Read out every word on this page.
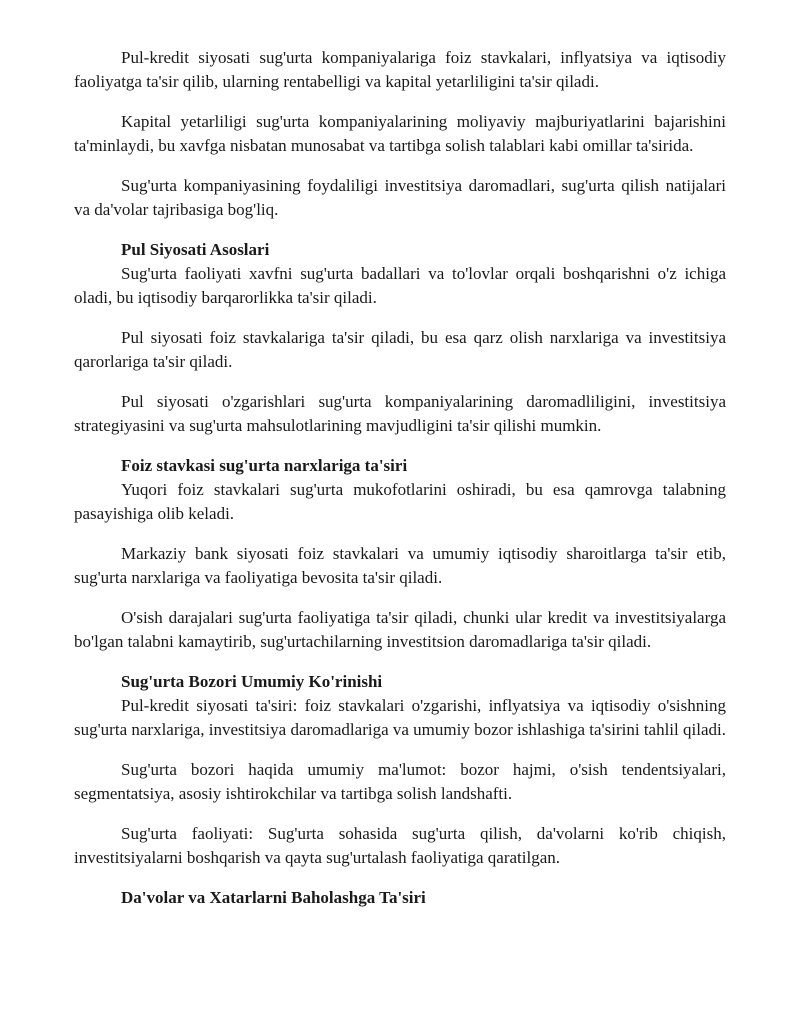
Pul-kredit siyosati sug'urta kompaniyalariga foiz stavkalari, inflyatsiya va iqtisodiy faoliyatga ta'sir qilib, ularning rentabelligi va kapital yetarliligini ta'sir qiladi.

Kapital yetarliligi sug'urta kompaniyalarining moliyaviy majburiyatlarini bajarishini ta'minlaydi, bu xavfga nisbatan munosabat va tartibga solish talablari kabi omillar ta'sirida.

Sug'urta kompaniyasining foydaliligi investitsiya daromadlari, sug'urta qilish natijalari va da'volar tajribasiga bog'liq.

Pul Siyosati Asoslari

Sug'urta faoliyati xavfni sug'urta badallari va to'lovlar orqali boshqarishni o'z ichiga oladi, bu iqtisodiy barqarorlikka ta'sir qiladi.

Pul siyosati foiz stavkalariga ta'sir qiladi, bu esa qarz olish narxlariga va investitsiya qarorlariga ta'sir qiladi.

Pul siyosati o'zgarishlari sug'urta kompaniyalarining daromadliligini, investitsiya strategiyasini va sug'urta mahsulotlarining mavjudligini ta'sir qilishi mumkin.

Foiz stavkasi sug'urta narxlariga ta'siri

Yuqori foiz stavkalari sug'urta mukofotlarini oshiradi, bu esa qamrovga talabning pasayishiga olib keladi.

Markaziy bank siyosati foiz stavkalari va umumiy iqtisodiy sharoitlarga ta'sir etib, sug'urta narxlariga va faoliyatiga bevosita ta'sir qiladi.

O'sish darajalari sug'urta faoliyatiga ta'sir qiladi, chunki ular kredit va investitsiyalarga bo'lgan talabni kamaytirib, sug'urtachilarning investitsion daromadlariga ta'sir qiladi.

Sug'urta Bozori Umumiy Ko'rinishi

Pul-kredit siyosati ta'siri: foiz stavkalari o'zgarishi, inflyatsiya va iqtisodiy o'sishning sug'urta narxlariga, investitsiya daromadlariga va umumiy bozor ishlashiga ta'sirini tahlil qiladi.

Sug'urta bozori haqida umumiy ma'lumot: bozor hajmi, o'sish tendentsiyalari, segmentatsiya, asosiy ishtirokchilar va tartibga solish landshafti.

Sug'urta faoliyati: Sug'urta sohasida sug'urta qilish, da'volarni ko'rib chiqish, investitsiyalarni boshqarish va qayta sug'urtalash faoliyatiga qaratilgan.

Da'volar va Xatarlarni Baholashga Ta'siri
